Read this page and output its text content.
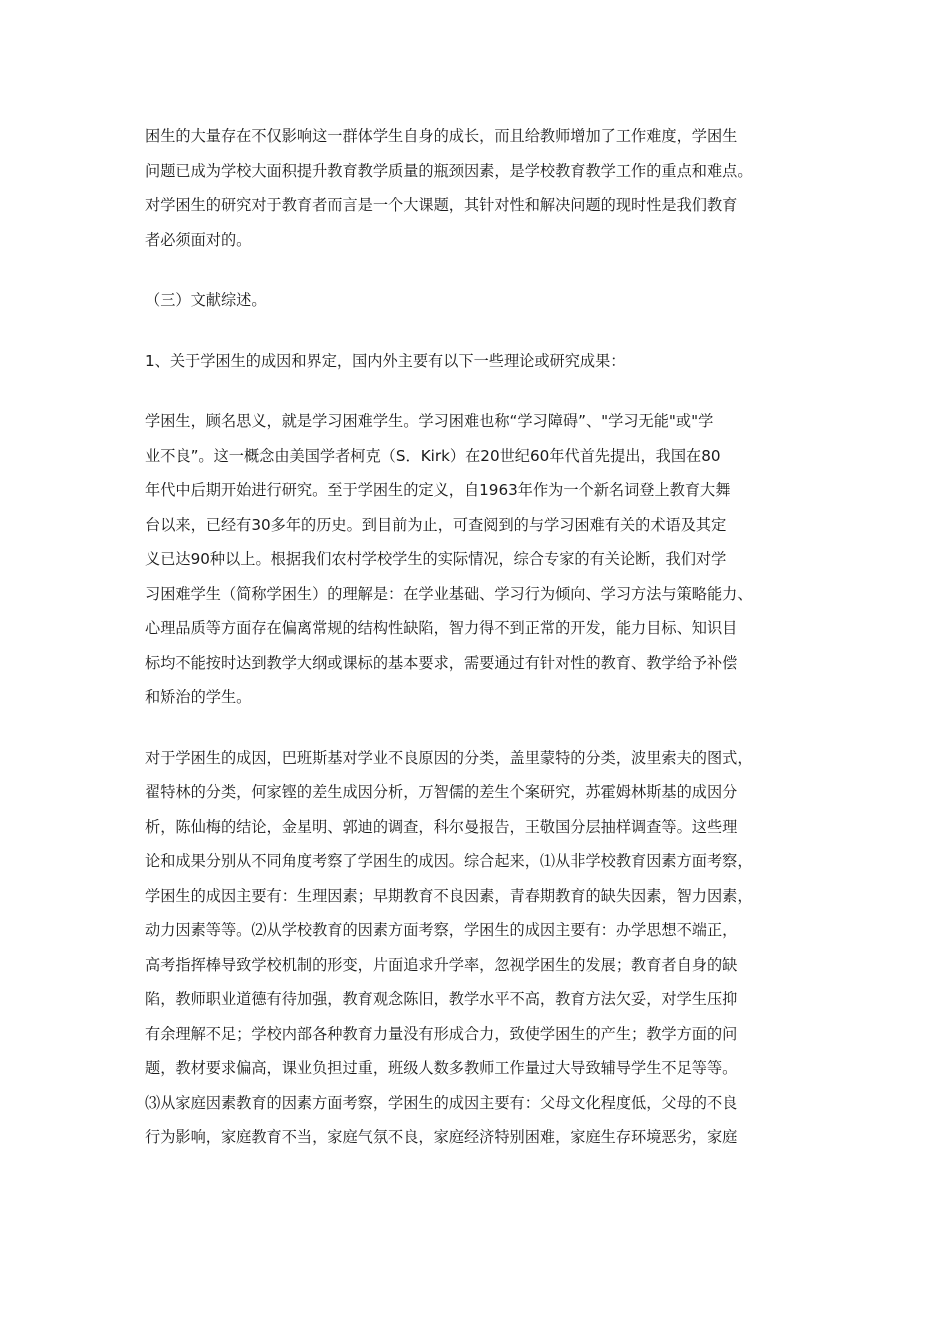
困生的大量存在不仅影响这一群体学生自身的成长，而且给教师增加了工作难度，学困生
问题已成为学校大面积提升教育教学质量的瓶颈因素，是学校教育教学工作的重点和难点。
对学困生的研究对于教育者而言是一个大课题，其针对性和解决问题的现时性是我们教育
者必须面对的。
（三）文献综述。
1、关于学困生的成因和界定，国内外主要有以下一些理论或研究成果：
学困生，顾名思义，就是学习困难学生。学习困难也称“学习障碍”、"学习无能"或"学
业不良”。这一概念由美国学者柯克（S．Kirk）在20世纪60年代首先提出，我国在80
年代中后期开始进行研究。至于学困生的定义，自1963年作为一个新名词登上教育大舞
台以来，已经有30多年的历史。到目前为止，可查阅到的与学习困难有关的术语及其定
义已达90种以上。根据我们农村学校学生的实际情况，综合专家的有关论断，我们对学
习困难学生（简称学困生）的理解是：在学业基础、学习行为倾向、学习方法与策略能力、
心理品质等方面存在偏离常规的结构性缺陷，智力得不到正常的开发，能力目标、知识目
标均不能按时达到教学大纲或课标的基本要求，需要通过有针对性的教育、教学给予补偿
和矫治的学生。
对于学困生的成因，巴班斯基对学业不良原因的分类，盖里蒙特的分类，波里索夫的图式，
翟特林的分类，何家铿的差生成因分析，万智儒的差生个案研究，苏霍姆林斯基的成因分
析，陈仙梅的结论，金星明、郭迪的调查，科尔曼报告，王敬国分层抽样调查等。这些理
论和成果分别从不同角度考察了学困生的成因。综合起来，⑴从非学校教育因素方面考察，
学困生的成因主要有：生理因素；早期教育不良因素，青春期教育的缺失因素，智力因素，
动力因素等等。⑵从学校教育的因素方面考察，学困生的成因主要有：办学思想不端正，
高考指挥棒导致学校机制的形变，片面追求升学率，忽视学困生的发展；教育者自身的缺
陷，教师职业道德有待加强，教育观念陈旧，教学水平不高，教育方法欠妥，对学生压抑
有余理解不足；学校内部各种教育力量没有形成合力，致使学困生的产生；教学方面的问
题，教材要求偏高，课业负担过重，班级人数多教师工作量过大导致辅导学生不足等等。
⑶从家庭因素教育的因素方面考察，学困生的成因主要有：父母文化程度低，父母的不良
行为影响，家庭教育不当，家庭气氛不良，家庭经济特别困难，家庭生存环境恶劣，家庭
